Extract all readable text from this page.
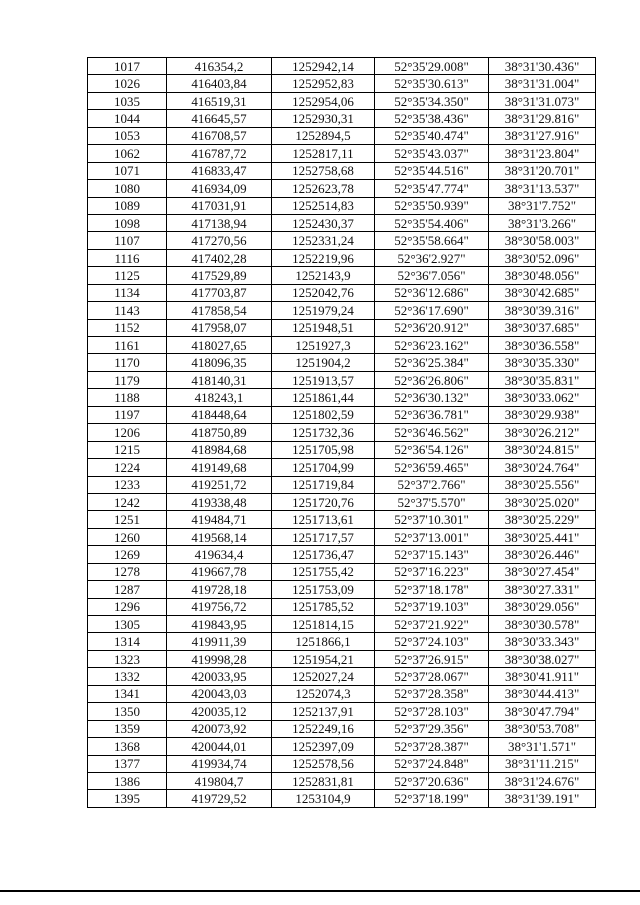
1017	416354,2	1252942,14	52°35'29.008"	38°31'30.436"
1026	416403,84	1252952,83	52°35'30.613"	38°31'31.004"
1035	416519,31	1252954,06	52°35'34.350"	38°31'31.073"
1044	416645,57	1252930,31	52°35'38.436"	38°31'29.816"
1053	416708,57	1252894,5	52°35'40.474"	38°31'27.916"
1062	416787,72	1252817,11	52°35'43.037"	38°31'23.804"
1071	416833,47	1252758,68	52°35'44.516"	38°31'20.701"
1080	416934,09	1252623,78	52°35'47.774"	38°31'13.537"
1089	417031,91	1252514,83	52°35'50.939"	38°31'7.752"
1098	417138,94	1252430,37	52°35'54.406"	38°31'3.266"
1107	417270,56	1252331,24	52°35'58.664"	38°30'58.003"
1116	417402,28	1252219,96	52°36'2.927"	38°30'52.096"
1125	417529,89	1252143,9	52°36'7.056"	38°30'48.056"
1134	417703,87	1252042,76	52°36'12.686"	38°30'42.685"
1143	417858,54	1251979,24	52°36'17.690"	38°30'39.316"
1152	417958,07	1251948,51	52°36'20.912"	38°30'37.685"
1161	418027,65	1251927,3	52°36'23.162"	38°30'36.558"
1170	418096,35	1251904,2	52°36'25.384"	38°30'35.330"
1179	418140,31	1251913,57	52°36'26.806"	38°30'35.831"
1188	418243,1	1251861,44	52°36'30.132"	38°30'33.062"
1197	418448,64	1251802,59	52°36'36.781"	38°30'29.938"
1206	418750,89	1251732,36	52°36'46.562"	38°30'26.212"
1215	418984,68	1251705,98	52°36'54.126"	38°30'24.815"
1224	419149,68	1251704,99	52°36'59.465"	38°30'24.764"
1233	419251,72	1251719,84	52°37'2.766"	38°30'25.556"
1242	419338,48	1251720,76	52°37'5.570"	38°30'25.020"
1251	419484,71	1251713,61	52°37'10.301"	38°30'25.229"
1260	419568,14	1251717,57	52°37'13.001"	38°30'25.441"
1269	419634,4	1251736,47	52°37'15.143"	38°30'26.446"
1278	419667,78	1251755,42	52°37'16.223"	38°30'27.454"
1287	419728,18	1251753,09	52°37'18.178"	38°30'27.331"
1296	419756,72	1251785,52	52°37'19.103"	38°30'29.056"
1305	419843,95	1251814,15	52°37'21.922"	38°30'30.578"
1314	419911,39	1251866,1	52°37'24.103"	38°30'33.343"
1323	419998,28	1251954,21	52°37'26.915"	38°30'38.027"
1332	420033,95	1252027,24	52°37'28.067"	38°30'41.911"
1341	420043,03	1252074,3	52°37'28.358"	38°30'44.413"
1350	420035,12	1252137,91	52°37'28.103"	38°30'47.794"
1359	420073,92	1252249,16	52°37'29.356"	38°30'53.708"
1368	420044,01	1252397,09	52°37'28.387"	38°31'1.571"
1377	419934,74	1252578,56	52°37'24.848"	38°31'11.215"
1386	419804,7	1252831,81	52°37'20.636"	38°31'24.676"
1395	419729,52	1253104,9	52°37'18.199"	38°31'39.191"
